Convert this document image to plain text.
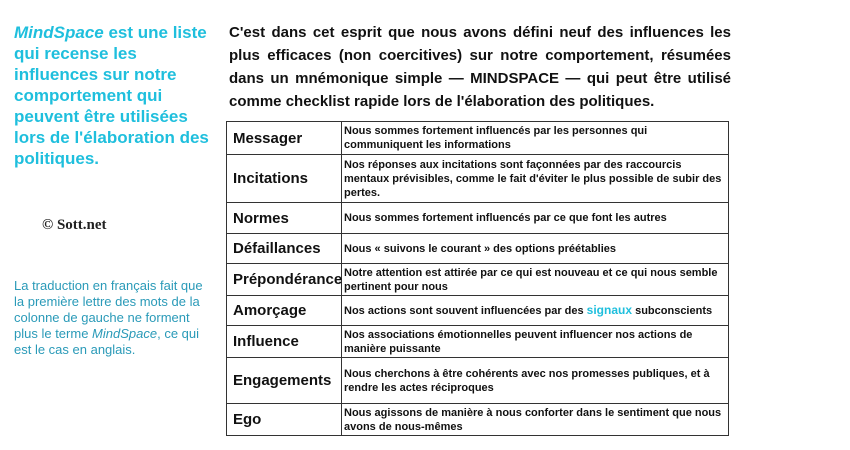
MindSpace est une liste qui recense les influences sur notre comportement qui peuvent être utilisées lors de l'élaboration des politiques.
© Sott.net
La traduction en français fait que la première lettre des mots de la colonne de gauche ne forment plus le terme MindSpace, ce qui est le cas en anglais.
C'est dans cet esprit que nous avons défini neuf des influences les plus efficaces (non coercitives) sur notre comportement, résumées dans un mnémonique simple — MINDSPACE — qui peut être utilisé comme checklist rapide lors de l'élaboration des politiques.
Messager	Nous sommes fortement influencés par les personnes qui communiquent les informations
Incitations	Nos réponses aux incitations sont façonnées par des raccourcis mentaux prévisibles, comme le fait d'éviter le plus possible de subir des pertes.
Normes	Nous sommes fortement influencés par ce que font les autres
Défaillances	Nous « suivons le courant » des options préétablies
Prépondérance	Notre attention est attirée par ce qui est nouveau et ce qui nous semble pertinent pour nous
Amorçage	Nos actions sont souvent influencées par des signaux subconscients
Influence	Nos associations émotionnelles peuvent influencer nos actions de manière puissante
Engagements	Nous cherchons à être cohérents avec nos promesses publiques, et à rendre les actes réciproques
Ego	Nous agissons de manière à nous conforter dans le sentiment que nous avons de nous-mêmes
